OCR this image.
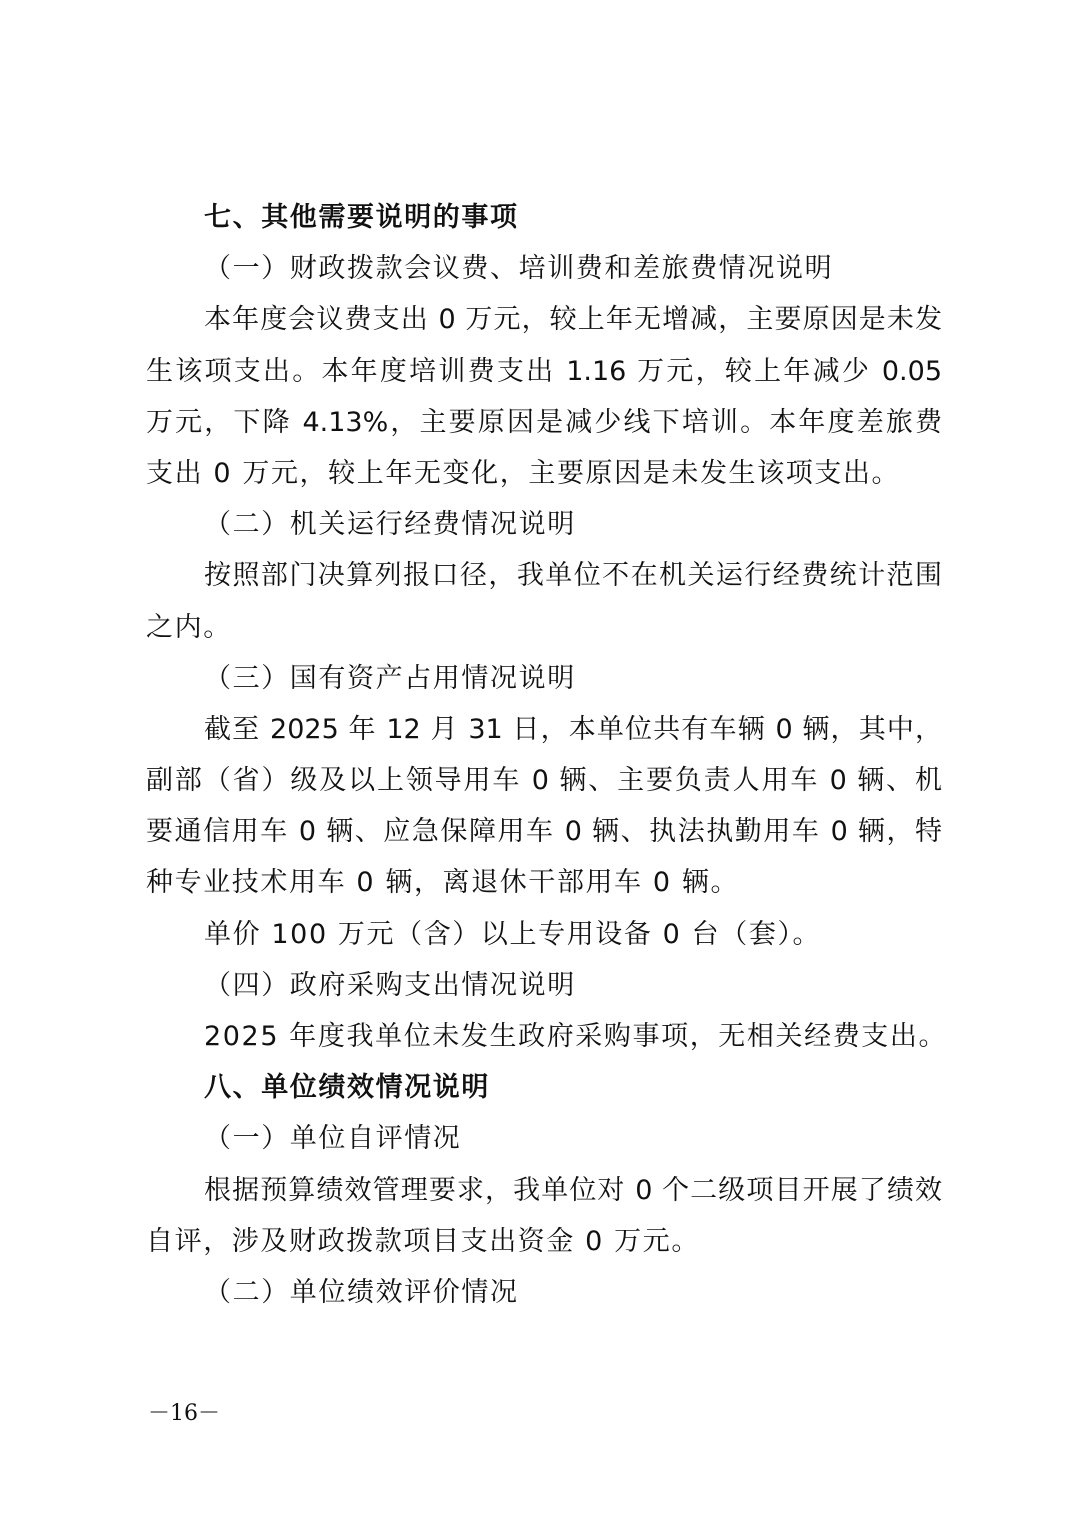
七、其他需要说明的事项
（一）财政拨款会议费、培训费和差旅费情况说明
本年度会议费支出 0 万元，较上年无增减，主要原因是未发
生该项支出。本年度培训费支出 1.16 万元，较上年减少 0.05
万元，下降 4.13%，主要原因是减少线下培训。本年度差旅费
支出 0 万元，较上年无变化，主要原因是未发生该项支出。
（二）机关运行经费情况说明
按照部门决算列报口径，我单位不在机关运行经费统计范围
之内。
（三）国有资产占用情况说明
截至 2025 年 12 月 31 日，本单位共有车辆 0 辆，其中，
副部（省）级及以上领导用车 0 辆、主要负责人用车 0 辆、机
要通信用车 0 辆、应急保障用车 0 辆、执法执勤用车 0 辆，特
种专业技术用车 0 辆，离退休干部用车 0 辆。
单价 100 万元（含）以上专用设备 0 台（套）。
（四）政府采购支出情况说明
2025 年度我单位未发生政府采购事项，无相关经费支出。
八、单位绩效情况说明
（一）单位自评情况
根据预算绩效管理要求，我单位对 0 个二级项目开展了绩效
自评，涉及财政拨款项目支出资金 0 万元。
（二）单位绩效评价情况
－16－
